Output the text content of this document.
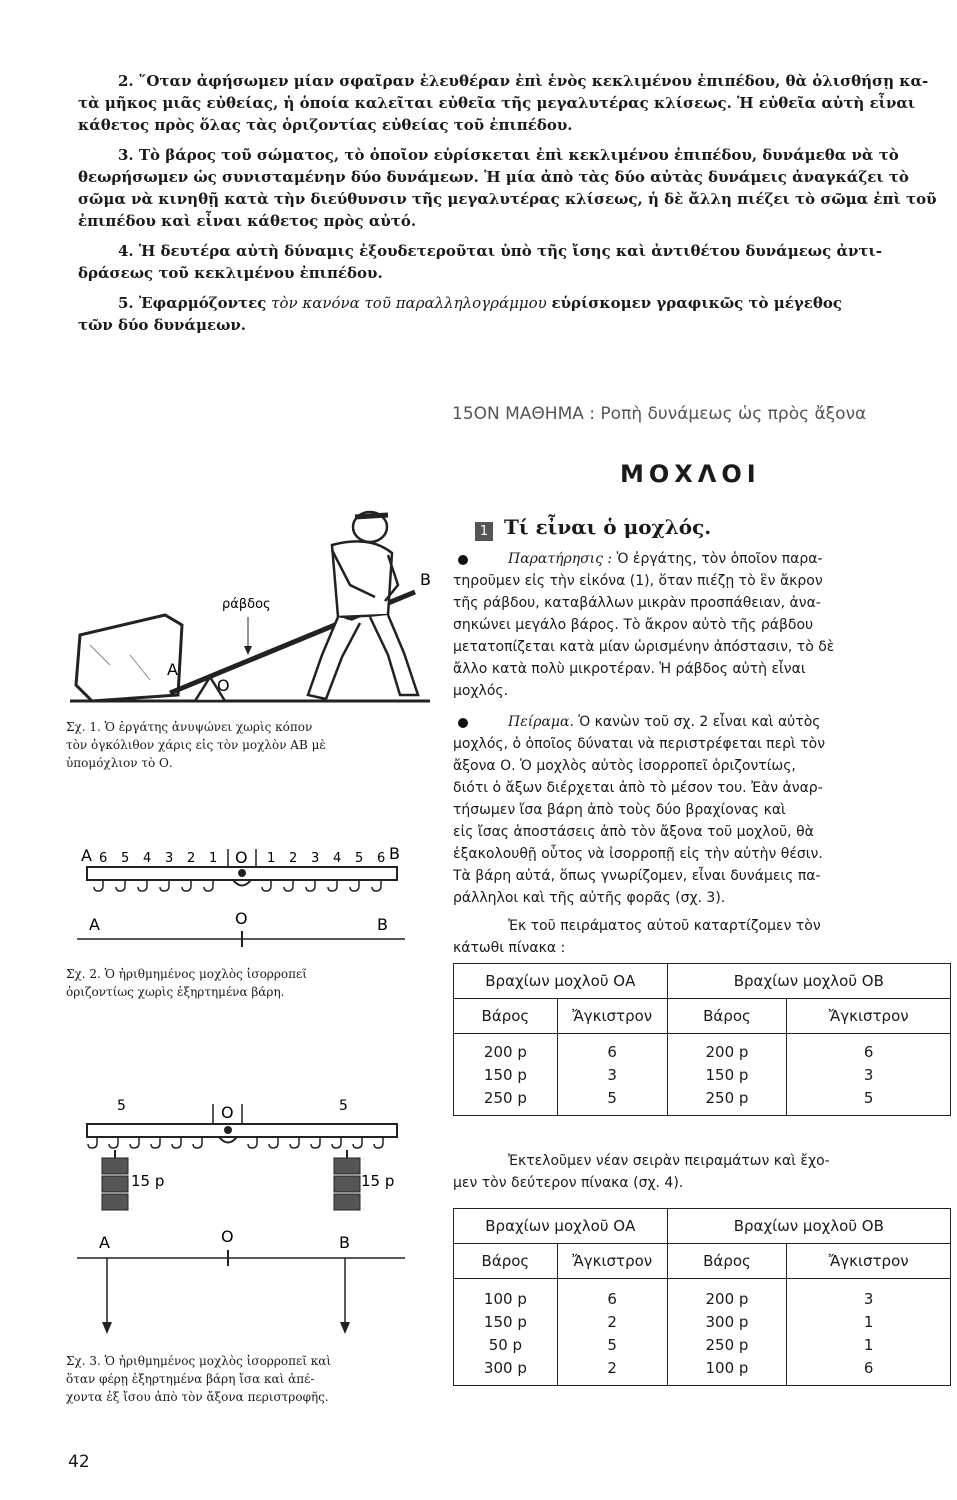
2. ῞Οταν ἀφήσωμεν μίαν σφαῖραν ἐλευθέραν ἐπὶ ἑνὸς κεκλιμένου ἐπιπέδου, θὰ ὀλισθήσῃ κα-
τὰ μῆκος μιᾶς εὐθείας, ἡ ὁποία καλεῖται εὐθεῖα τῆς μεγαλυτέρας κλίσεως. Ἡ εὐθεῖα αὐτὴ εἶναι
κάθετος πρὸς ὅλας τὰς ὁριζοντίας εὐθείας τοῦ ἐπιπέδου.
3. Τὸ βάρος τοῦ σώματος, τὸ ὁποῖον εὑρίσκεται ἐπὶ κεκλιμένου ἐπιπέδου, δυνάμεθα νὰ τὸ
θεωρήσωμεν ὡς συνισταμένην δύο δυνάμεων. Ἡ μία ἀπὸ τὰς δύο αὐτὰς δυνάμεις ἀναγκάζει τὸ
σῶμα νὰ κινηθῇ κατὰ τὴν διεύθυνσιν τῆς μεγαλυτέρας κλίσεως, ἡ δὲ ἄλλη πιέζει τὸ σῶμα ἐπὶ τοῦ
ἐπιπέδου καὶ εἶναι κάθετος πρὸς αὐτό.
4. Ἡ δευτέρα αὐτὴ δύναμις ἐξουδετεροῦται ὑπὸ τῆς ἴσης καὶ ἀντιθέτου δυνάμεως ἀντι-
δράσεως τοῦ κεκλιμένου ἐπιπέδου.
5. Ἐφαρμόζοντες τὸν κανόνα τοῦ παραλληλογράμμου εὑρίσκομεν γραφικῶς τὸ μέγεθος
τῶν δύο δυνάμεων.
15ΟΝ ΜΑΘΗΜΑ : Ροπὴ δυνάμεως ὡς πρὸς ἄξονα
ΜΟΧΛΟΙ
1 Τί εἶναι ὁ μοχλός.
Παρατήρησις : Ὁ ἐργάτης, τὸν ὁποῖον παρα-
τηροῦμεν εἰς τὴν εἰκόνα (1), ὅταν πιέζῃ τὸ ἓν ἄκρον
τῆς ράβδου, καταβάλλων μικρὰν προσπάθειαν, ἀνα-
σηκώνει μεγάλο βάρος. Τὸ ἄκρον αὐτὸ τῆς ράβδου
μετατοπίζεται κατὰ μίαν ὡρισμένην ἀπόστασιν, τὸ δὲ
ἄλλο κατὰ πολὺ μικροτέραν. Ἡ ράβδος αὐτὴ εἶναι
μοχλός.
Πείραμα. Ὁ κανὼν τοῦ σχ. 2 εἶναι καὶ αὐτὸς
μοχλός, ὁ ὁποῖος δύναται νὰ περιστρέφεται περὶ τὸν
ἄξονα Ο. Ὁ μοχλὸς αὐτὸς ἰσορροπεῖ ὁριζοντίως,
διότι ὁ ἄξων διέρχεται ἀπὸ τὸ μέσον του. Ἐὰν ἀναρ-
τήσωμεν ἴσα βάρη ἀπὸ τοὺς δύο βραχίονας καὶ
εἰς ἴσας ἀποστάσεις ἀπὸ τὸν ἄξονα τοῦ μοχλοῦ, θὰ
ἐξακολουθῇ οὗτος νὰ ἰσορροπῇ εἰς τὴν αὐτὴν θέσιν.
Τὰ βάρη αὐτά, ὅπως γνωρίζομεν, εἶναι δυνάμεις πα-
ράλληλοι καὶ τῆς αὐτῆς φορᾶς (σχ. 3).
Ἐκ τοῦ πειράματος αὐτοῦ καταρτίζομεν τὸν
κάτωθι πίνακα :
Βραχίων μοχλοῦ ΟΑ		Βραχίων μοχλοῦ ΟΒ	
Βάρος	Ἄγκιστρον	Βάρος	Ἄγκιστρον
200 p	6	200 p	6
150 p	3	150 p	3
250 p	5	250 p	5
Ἐκτελοῦμεν νέαν σειρὰν πειραμάτων καὶ ἔχο-
μεν τὸν δεύτερον πίνακα (σχ. 4).
Βραχίων μοχλοῦ ΟΑ		Βραχίων μοχλοῦ ΟΒ	
Βάρος	Ἄγκιστρον	Βάρος	Ἄγκιστρον
100 p	6	200 p	3
150 p	2	300 p	1
50 p	5	250 p	1
300 p	2	100 p	6
ράβδος
A
O
B
Σχ. 1. Ὁ ἐργάτης ἀνυψώνει χωρὶς κόπον
τὸν ὀγκόλιθον χάρις εἰς τὸν μοχλὸν ΑΒ μὲ
ὑπομόχλιον τὸ Ο.
A 6 5 4 3 2 1 O 1 2 3 4 5 6 B
A	O	B
Σχ. 2. Ὁ ἠριθμημένος μοχλὸς ἰσορροπεῖ
ὁριζοντίως χωρὶς ἐξηρτημένα βάρη.
5	O	5
15 p	15 p
A	O	B
Σχ. 3. Ὁ ἠριθμημένος μοχλὸς ἰσορροπεῖ καὶ
ὅταν φέρῃ ἐξηρτημένα βάρη ἴσα καὶ ἀπέ-
χοντα ἐξ ἴσου ἀπὸ τὸν ἄξονα περιστροφῆς.
42
